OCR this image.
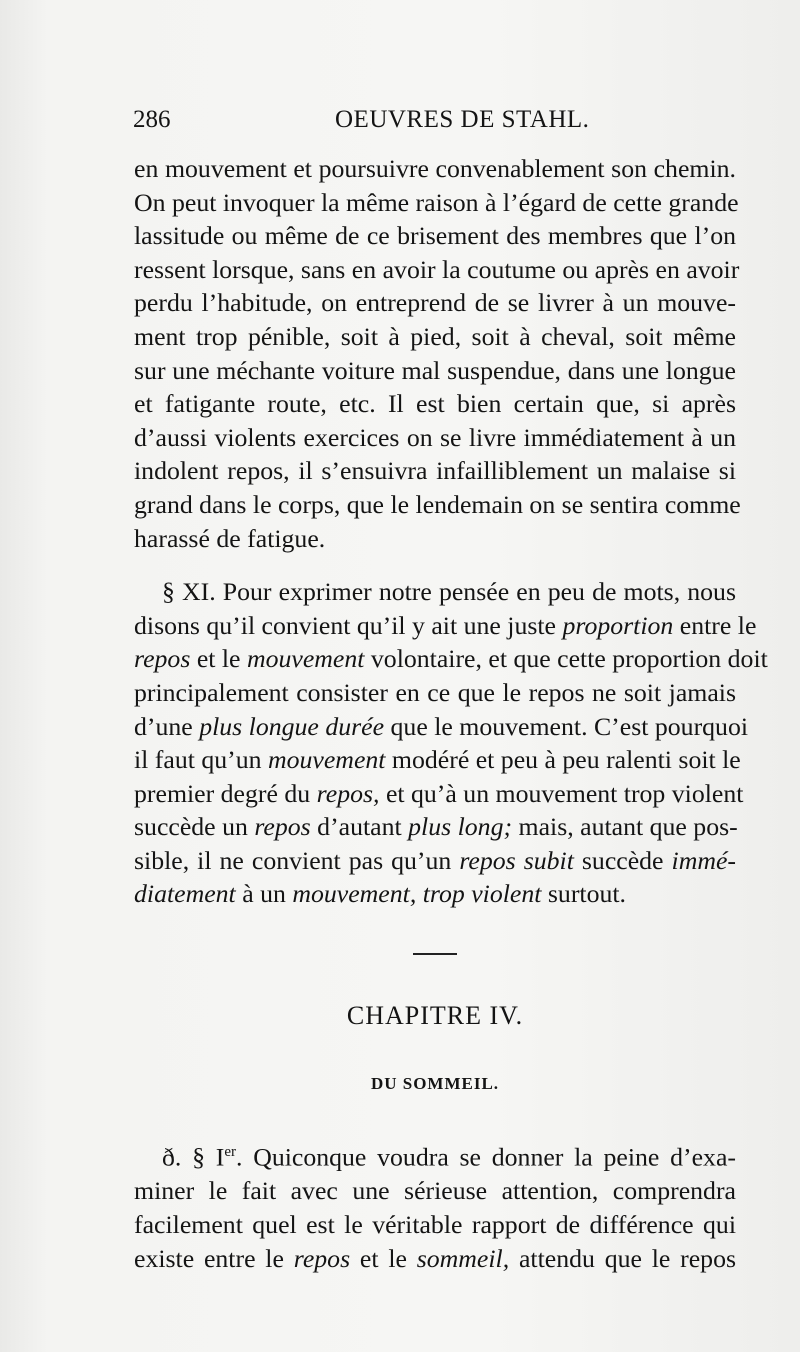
286	OEUVRES DE STAHL.

en mouvement et poursuivre convenablement son chemin.
On peut invoquer la même raison à l’égard de cette grande
lassitude ou même de ce brisement des membres que l’on
ressent lorsque, sans en avoir la coutume ou après en avoir
perdu l’habitude, on entreprend de se livrer à un mouve-
ment trop pénible, soit à pied, soit à cheval, soit même
sur une méchante voiture mal suspendue, dans une longue
et fatigante route, etc. Il est bien certain que, si après
d’aussi violents exercices on se livre immédiatement à un
indolent repos, il s’ensuivra infailliblement un malaise si
grand dans le corps, que le lendemain on se sentira comme
harassé de fatigue.

§ XI. Pour exprimer notre pensée en peu de mots, nous
disons qu’il convient qu’il y ait une juste proportion entre le
repos et le mouvement volontaire, et que cette proportion doit
principalement consister en ce que le repos ne soit jamais
d’une plus longue durée que le mouvement. C’est pourquoi
il faut qu’un mouvement modéré et peu à peu ralenti soit le
premier degré du repos, et qu’à un mouvement trop violent
succède un repos d’autant plus long; mais, autant que pos-
sible, il ne convient pas qu’un repos subit succède immé-
diatement à un mouvement, trop violent surtout.

CHAPITRE IV.

DU SOMMEIL.

ð. § Ier. Quiconque voudra se donner la peine d’exa-
miner le fait avec une sérieuse attention, comprendra
facilement quel est le véritable rapport de différence qui
existe entre le repos et le sommeil, attendu que le repos
